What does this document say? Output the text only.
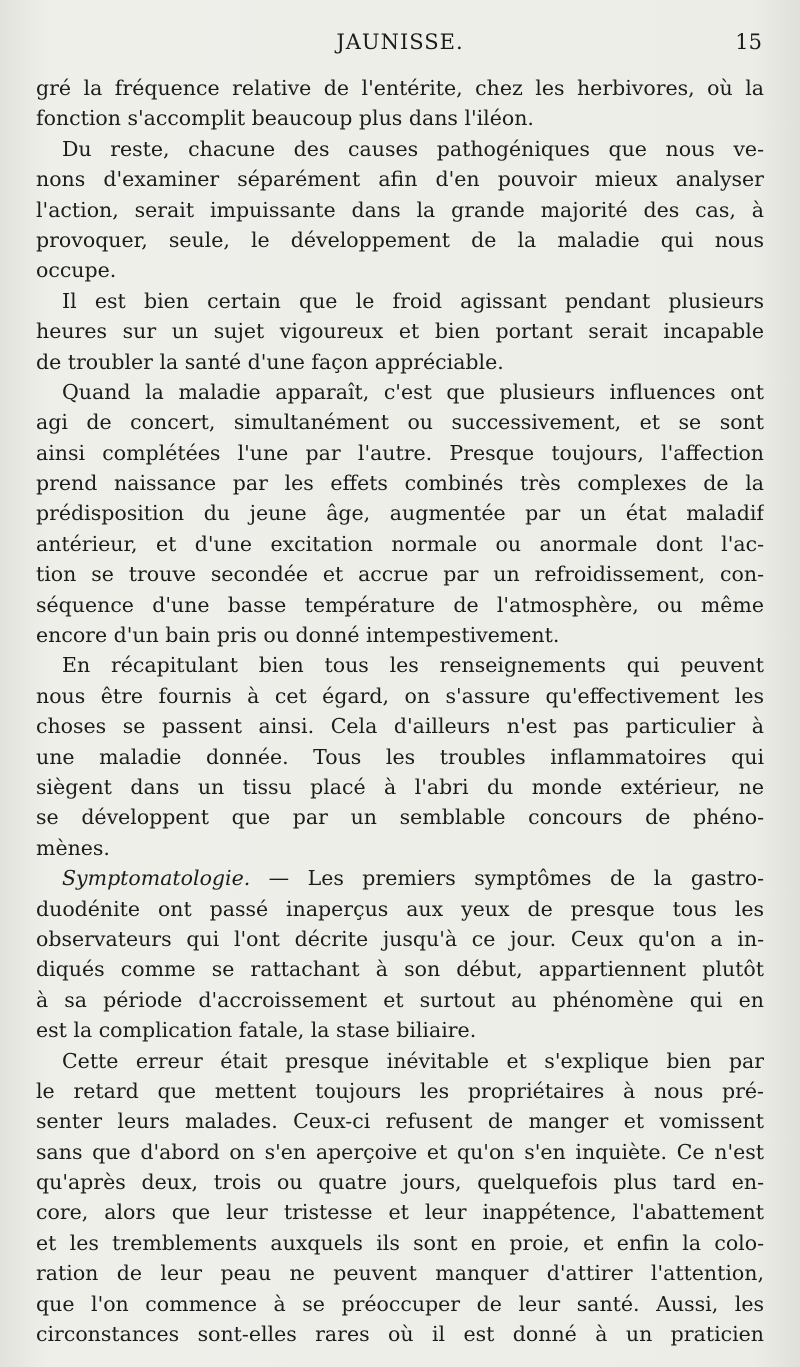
JAUNISSE.	15
gré la fréquence relative de l'entérite, chez les herbivores, où la
fonction s'accomplit beaucoup plus dans l'iléon.
Du reste, chacune des causes pathogéniques que nous ve-
nons d'examiner séparément afin d'en pouvoir mieux analyser
l'action, serait impuissante dans la grande majorité des cas, à
provoquer, seule, le développement de la maladie qui nous
occupe.
Il est bien certain que le froid agissant pendant plusieurs
heures sur un sujet vigoureux et bien portant serait incapable
de troubler la santé d'une façon appréciable.
Quand la maladie apparaît, c'est que plusieurs influences ont
agi de concert, simultanément ou successivement, et se sont
ainsi complétées l'une par l'autre. Presque toujours, l'affection
prend naissance par les effets combinés très complexes de la
prédisposition du jeune âge, augmentée par un état maladif
antérieur, et d'une excitation normale ou anormale dont l'ac-
tion se trouve secondée et accrue par un refroidissement, con-
séquence d'une basse température de l'atmosphère, ou même
encore d'un bain pris ou donné intempestivement.
En récapitulant bien tous les renseignements qui peuvent
nous être fournis à cet égard, on s'assure qu'effectivement les
choses se passent ainsi. Cela d'ailleurs n'est pas particulier à
une maladie donnée. Tous les troubles inflammatoires qui
siègent dans un tissu placé à l'abri du monde extérieur, ne
se développent que par un semblable concours de phéno-
mènes.
Symptomatologie. — Les premiers symptômes de la gastro-
duodénite ont passé inaperçus aux yeux de presque tous les
observateurs qui l'ont décrite jusqu'à ce jour. Ceux qu'on a in-
diqués comme se rattachant à son début, appartiennent plutôt
à sa période d'accroissement et surtout au phénomène qui en
est la complication fatale, la stase biliaire.
Cette erreur était presque inévitable et s'explique bien par
le retard que mettent toujours les propriétaires à nous pré-
senter leurs malades. Ceux-ci refusent de manger et vomissent
sans que d'abord on s'en aperçoive et qu'on s'en inquiète. Ce n'est
qu'après deux, trois ou quatre jours, quelquefois plus tard en-
core, alors que leur tristesse et leur inappétence, l'abattement
et les tremblements auxquels ils sont en proie, et enfin la colo-
ration de leur peau ne peuvent manquer d'attirer l'attention,
que l'on commence à se préoccuper de leur santé. Aussi, les
circonstances sont-elles rares où il est donné à un praticien
